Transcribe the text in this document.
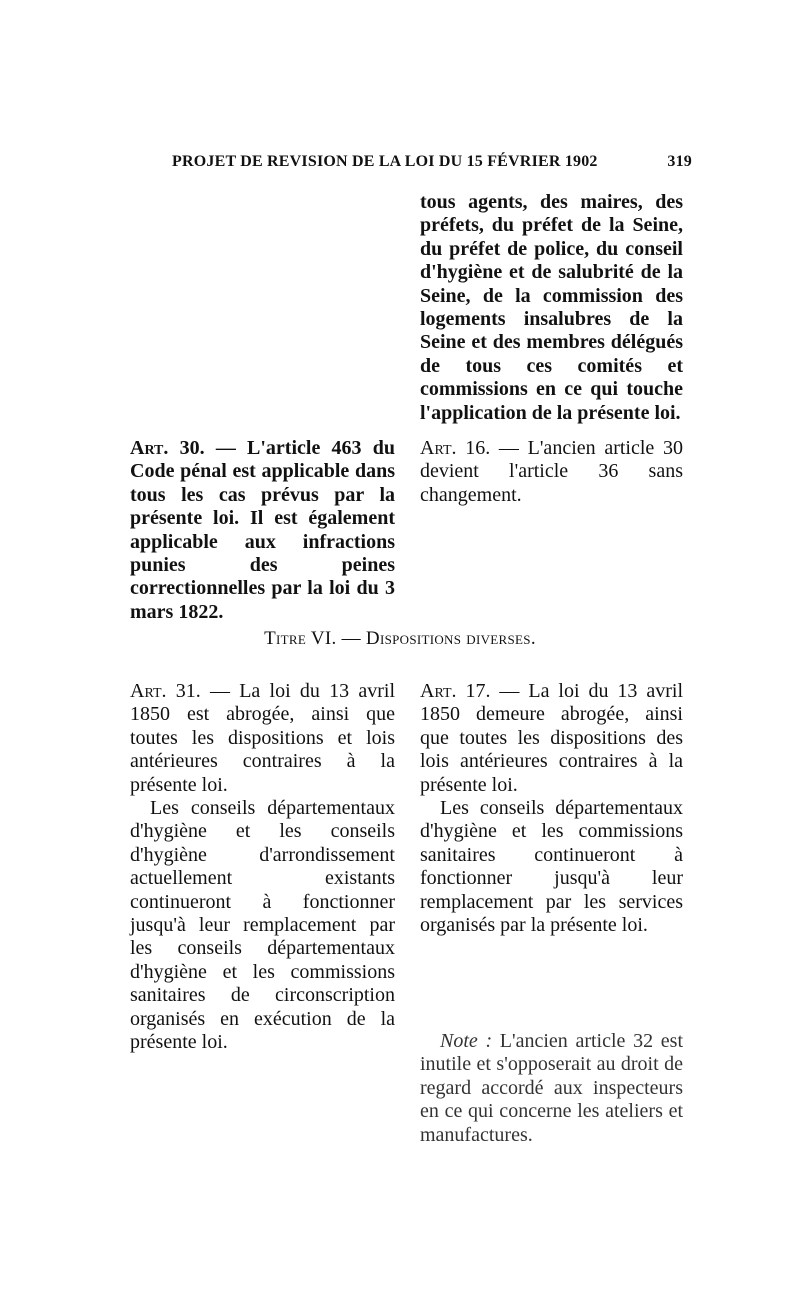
PROJET DE REVISION DE LA LOI DU 15 FÉVRIER 1902	319

tous agents, des maires, des préfets, du préfet de la Seine, du préfet de police, du conseil d'hygiène et de salubrité de la Seine, de la commission des logements insalubres de la Seine et des membres délégués de tous ces comités et commissions en ce qui touche l'application de la présente loi.

Art. 30. — L'article 463 du Code pénal est applicable dans tous les cas prévus par la présente loi. Il est également applicable aux infractions punies des peines correctionnelles par la loi du 3 mars 1822.

Art. 16. — L'ancien article 30 devient l'article 36 sans changement.

Titre VI. — Dispositions diverses.

Art. 31. — La loi du 13 avril 1850 est abrogée, ainsi que toutes les dispositions et lois antérieures contraires à la présente loi.

Les conseils départementaux d'hygiène et les conseils d'hygiène d'arrondissement actuellement existants continueront à fonctionner jusqu'à leur remplacement par les conseils départementaux d'hygiène et les commissions sanitaires de circonscription organisés en exécution de la présente loi.

Art. 17. — La loi du 13 avril 1850 demeure abrogée, ainsi que toutes les dispositions des lois antérieures contraires à la présente loi.

Les conseils départementaux d'hygiène et les commissions sanitaires continueront à fonctionner jusqu'à leur remplacement par les services organisés par la présente loi.

Note : L'ancien article 32 est inutile et s'opposerait au droit de regard accordé aux inspecteurs en ce qui concerne les ateliers et manufactures.
